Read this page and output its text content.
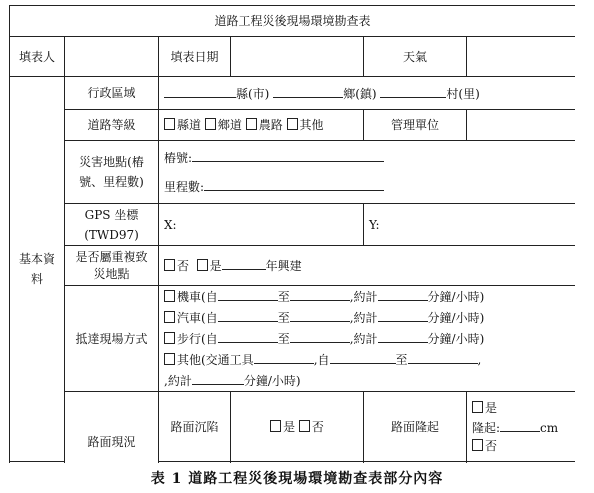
道路工程災後現場環境勘查表					
填表人		填表日期		天氣	
基本資料	行政區域	縣(市) 鄉(鎮) 村(里)			
	道路等級	縣道 鄉道 農路 其他		管理單位	
	災害地點(樁號、里程數)	樁號:
里程數:			

	GPS 坐標 (TWD97)	X:		Y:	
	是否屬重複致災地點	否 是 年興建			
	抵達現場方式	機車(自 至 ,約計 分鐘/小時)
汽車(自 至 ,約計 分鐘/小時)
步行(自 至 ,約計 分鐘/小時)
其他(交通工具 ,自 至 ,
,約計 分鐘/小時)			

	路面現況	路面沉陷	是 否	路面隆起	是
隆起: cm
否

表 1 道路工程災後現場環境勘查表部分內容
